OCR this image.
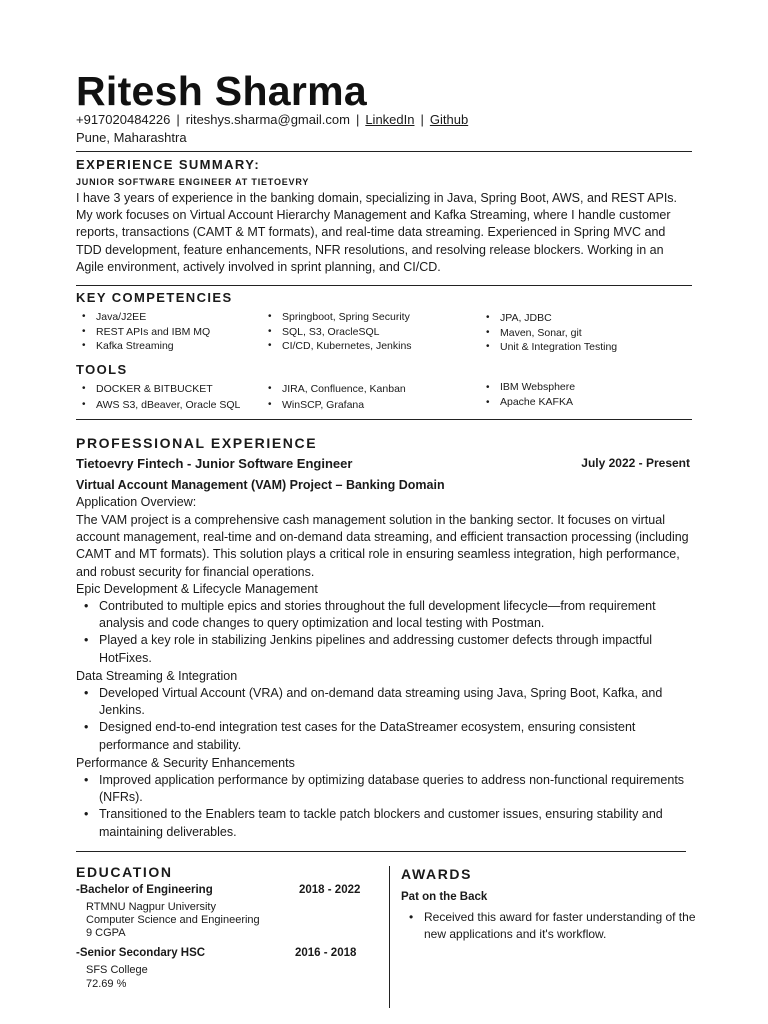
Ritesh Sharma
+917020484226 | riteshys.sharma@gmail.com | LinkedIn | Github
Pune, Maharashtra
EXPERIENCE SUMMARY:
JUNIOR SOFTWARE ENGINEER AT TIETOEVRY
I have 3 years of experience in the banking domain, specializing in Java, Spring Boot, AWS, and REST APIs. My work focuses on Virtual Account Hierarchy Management and Kafka Streaming, where I handle customer reports, transactions (CAMT & MT formats), and real-time data streaming. Experienced in Spring MVC and TDD development, feature enhancements, NFR resolutions, and resolving release blockers. Working in an Agile environment, actively involved in sprint planning, and CI/CD.
KEY COMPETENCIES
• Java/J2EE
• REST APIs and IBM MQ
• Kafka Streaming
• Springboot, Spring Security
• SQL, S3, OracleSQL
• CI/CD, Kubernetes, Jenkins
• JPA, JDBC
• Maven, Sonar, git
• Unit & Integration Testing
TOOLS
• DOCKER & BITBUCKET
• AWS S3, dBeaver, Oracle SQL
• JIRA, Confluence, Kanban
• WinSCP, Grafana
• IBM Websphere
• Apache KAFKA
PROFESSIONAL EXPERIENCE
Tietoevry Fintech - Junior Software Engineer	July 2022 - Present
Virtual Account Management (VAM) Project – Banking Domain
Application Overview:
The VAM project is a comprehensive cash management solution in the banking sector. It focuses on virtual account management, real-time and on-demand data streaming, and efficient transaction processing (including CAMT and MT formats). This solution plays a critical role in ensuring seamless integration, high performance, and robust security for financial operations.
Epic Development & Lifecycle Management
• Contributed to multiple epics and stories throughout the full development lifecycle—from requirement analysis and code changes to query optimization and local testing with Postman.
• Played a key role in stabilizing Jenkins pipelines and addressing customer defects through impactful HotFixes.
Data Streaming & Integration
• Developed Virtual Account (VRA) and on-demand data streaming using Java, Spring Boot, Kafka, and Jenkins.
• Designed end-to-end integration test cases for the DataStreamer ecosystem, ensuring consistent performance and stability.
Performance & Security Enhancements
• Improved application performance by optimizing database queries to address non-functional requirements (NFRs).
• Transitioned to the Enablers team to tackle patch blockers and customer issues, ensuring stability and maintaining deliverables.
EDUCATION
-Bachelor of Engineering	2018 - 2022
RTMNU Nagpur University
Computer Science and Engineering
9 CGPA
-Senior Secondary HSC	2016 - 2018
SFS College
72.69 %
AWARDS
Pat on the Back
• Received this award for faster understanding of the new applications and it's workflow.
